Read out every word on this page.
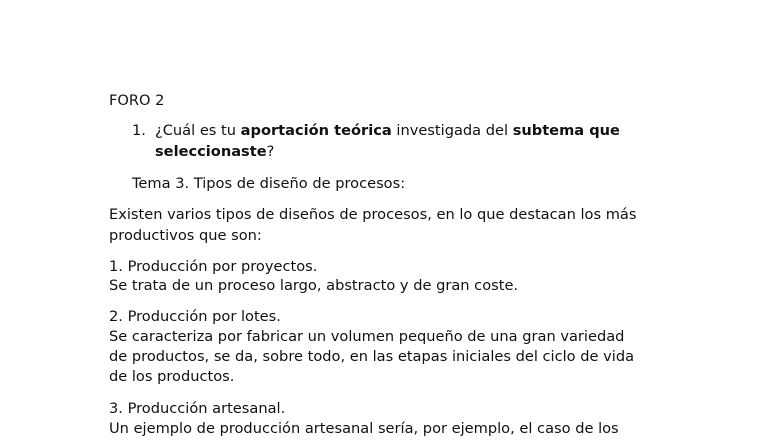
FORO 2

1. ¿Cuál es tu aportación teórica investigada del subtema que
seleccionaste?

Tema 3. Tipos de diseño de procesos:

Existen varios tipos de diseños de procesos, en lo que destacan los más

productivos que son:

1. Producción por proyectos.

Se trata de un proceso largo, abstracto y de gran coste.

2. Producción por lotes.

Se caracteriza por fabricar un volumen pequeño de una gran variedad

de productos, se da, sobre todo, en las etapas iniciales del ciclo de vida

de los productos.

3. Producción artesanal.

Un ejemplo de producción artesanal sería, por ejemplo, el caso de los
